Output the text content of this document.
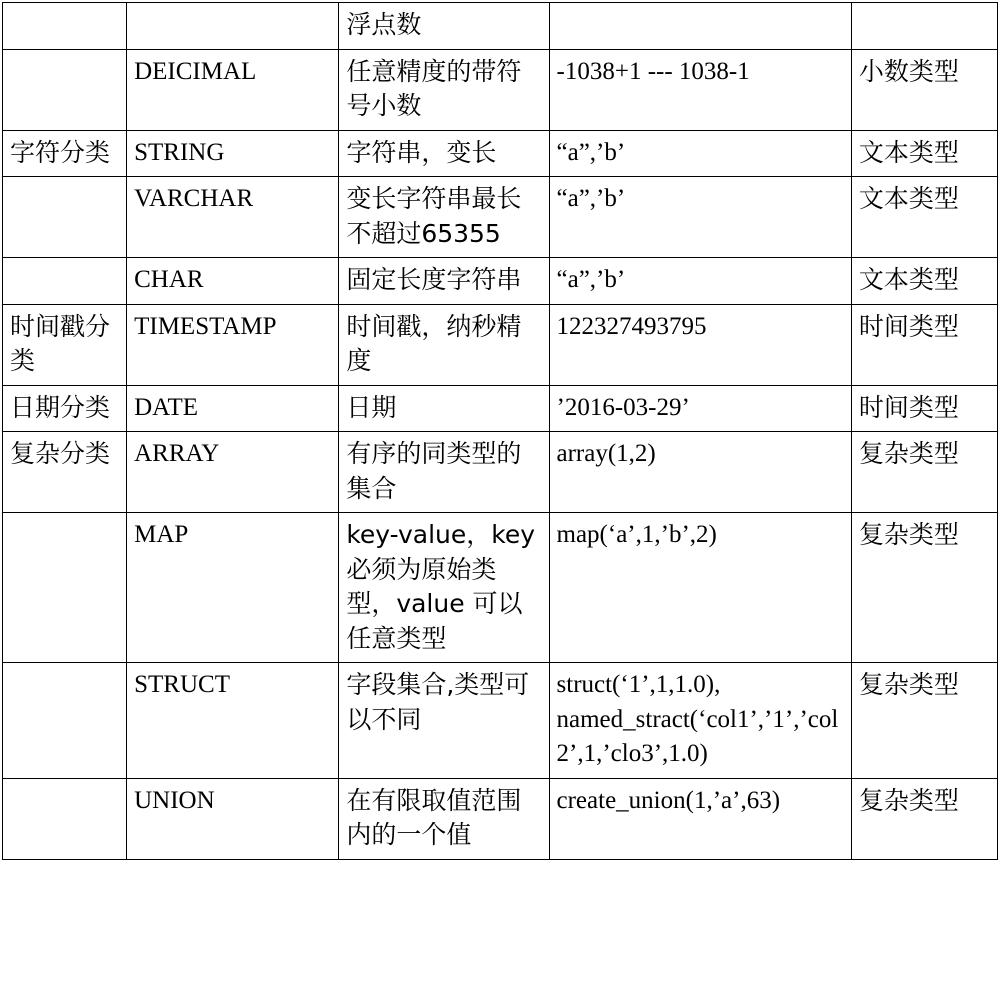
		浮点数		
	DEICIMAL	任意精度的带符号小数	-1038+1 --- 1038-1	小数类型
字符分类	STRING	字符串，变长	“a”,’b’	文本类型
	VARCHAR	变长字符串最长不超过65355	“a”,’b’	文本类型
	CHAR	固定长度字符串	“a”,’b’	文本类型
时间戳分类	TIMESTAMP	时间戳，纳秒精度	122327493795	时间类型
日期分类	DATE	日期	’2016-03-29’	时间类型
复杂分类	ARRAY	有序的同类型的集合	array(1,2)	复杂类型
	MAP	key-value，key 必须为原始类型，value 可以任意类型	map(‘a’,1,’b’,2)	复杂类型
	STRUCT	字段集合,类型可以不同	struct(‘1’,1,1.0), named_stract(‘col1’,’1’,’col2’,1,’clo3’,1.0)	复杂类型
	UNION	在有限取值范围内的一个值	create_union(1,’a’,63)	复杂类型
